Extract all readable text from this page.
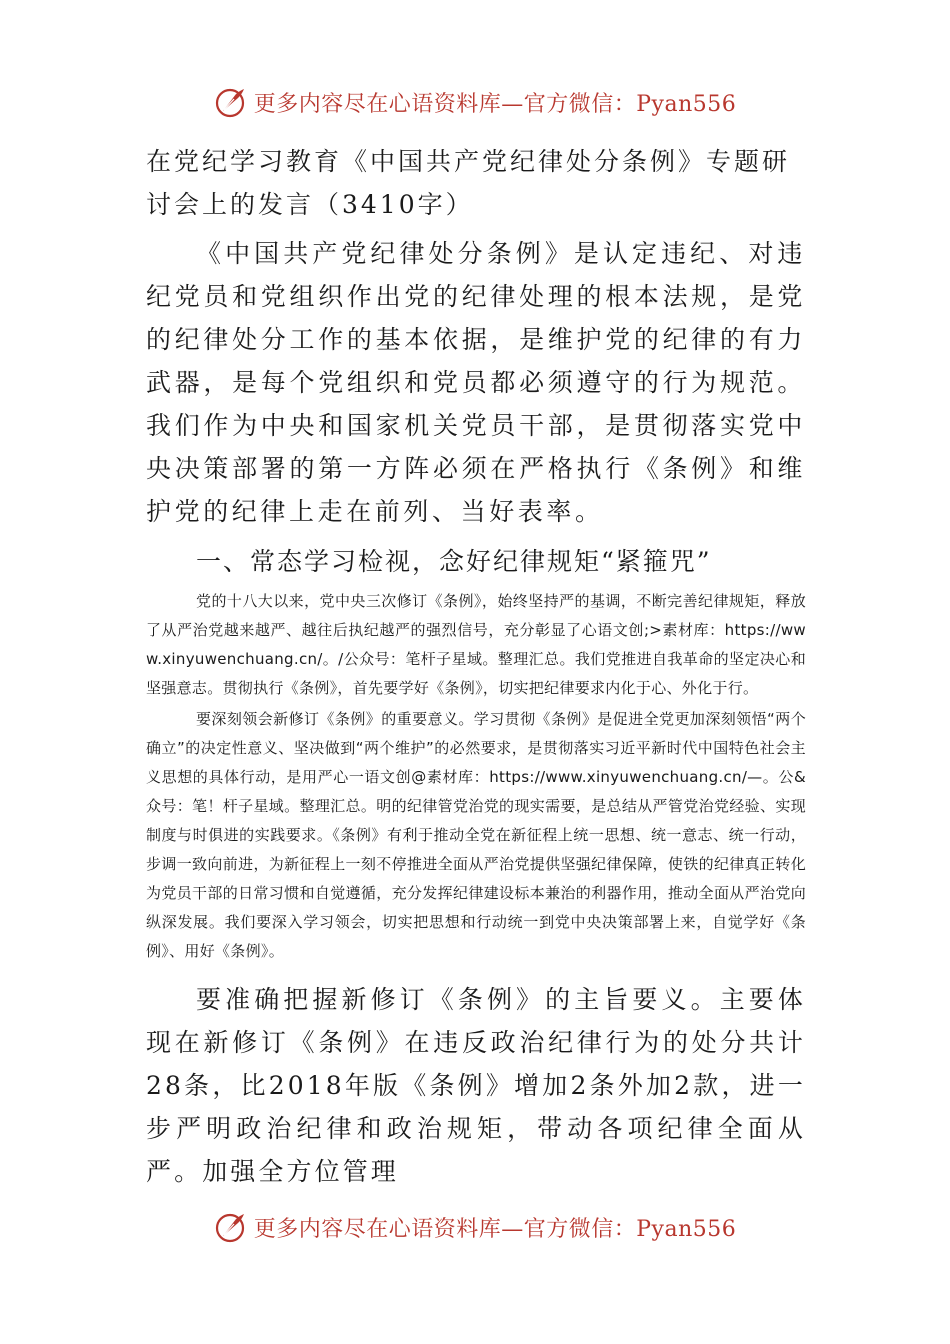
更多内容尽在心语资料库—官方微信：Pyan556
在党纪学习教育《中国共产党纪律处分条例》专题研讨会上的发言（3410字）

《中国共产党纪律处分条例》是认定违纪、对违纪党员和党组织作出党的纪律处理的根本法规，是党的纪律处分工作的基本依据，是维护党的纪律的有力武器，是每个党组织和党员都必须遵守的行为规范。我们作为中央和国家机关党员干部，是贯彻落实党中央决策部署的第一方阵必须在严格执行《条例》和维护党的纪律上走在前列、当好表率。

一、常态学习检视，念好纪律规矩“紧箍咒”

党的十八大以来，党中央三次修订《条例》，始终坚持严的基调，不断完善纪律规矩，释放了从严治党越来越严、越往后执纪越严的强烈信号，充分彰显了心语文创;>素材库：https://www.xinyuwenchuang.cn/。/公众号：笔杆子星域。整理汇总。我们党推进自我革命的坚定决心和坚强意志。贯彻执行《条例》，首先要学好《条例》，切实把纪律要求内化于心、外化于行。

要深刻领会新修订《条例》的重要意义。学习贯彻《条例》是促进全党更加深刻领悟“两个确立”的决定性意义、坚决做到“两个维护”的必然要求，是贯彻落实习近平新时代中国特色社会主义思想的具体行动，是用严心一语文创@素材库：https://www.xinyuwenchuang.cn/—。公&众号：笔！杆子星域。整理汇总。明的纪律管党治党的现实需要，是总结从严管党治党经验、实现制度与时俱进的实践要求。《条例》有利于推动全党在新征程上统一思想、统一意志、统一行动，步调一致向前进，为新征程上一刻不停推进全面从严治党提供坚强纪律保障，使铁的纪律真正转化为党员干部的日常习惯和自觉遵循，充分发挥纪律建设标本兼治的利器作用，推动全面从严治党向纵深发展。我们要深入学习领会，切实把思想和行动统一到党中央决策部署上来，自觉学好《条例》、用好《条例》。

要准确把握新修订《条例》的主旨要义。主要体现在新修订《条例》在违反政治纪律行为的处分共计28条，比2018年版《条例》增加2条外加2款，进一步严明政治纪律和政治规矩，带动各项纪律全面从严。加强全方位管理

更多内容尽在心语资料库—官方微信：Pyan556
